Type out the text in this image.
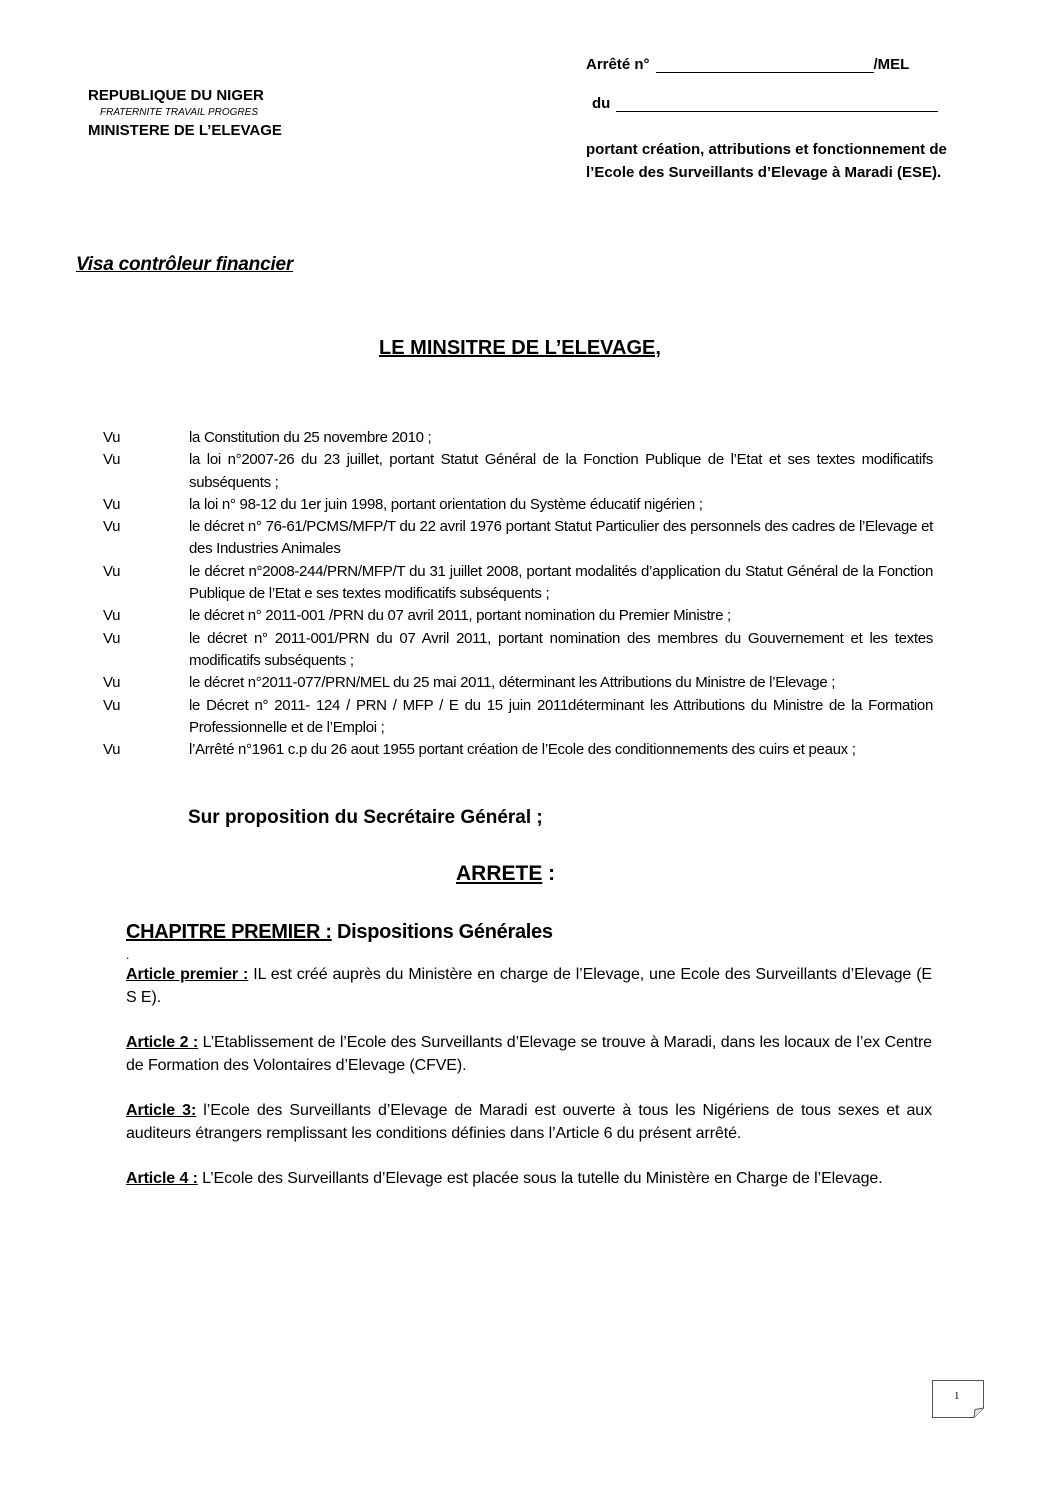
REPUBLIQUE DU NIGER

FRATERNITE TRAVAIL PROGRES

MINISTERE DE L’ELEVAGE

Arrêté n°	/MEL
du
portant création, attributions et fonctionnement de
l’Ecole des Surveillants d’Elevage à Maradi (ESE).
Visa contrôleur financier
LE MINSITRE DE L’ELEVAGE,
Vu	la Constitution du 25 novembre 2010 ;
Vu	la loi n°2007-26 du 23 juillet, portant Statut Général de la Fonction Publique de l’Etat et ses textes modificatifs subséquents ;
Vu	la loi n° 98-12 du 1er juin 1998, portant orientation du Système éducatif nigérien ;
Vu	le décret n° 76-61/PCMS/MFP/T du 22 avril 1976 portant Statut Particulier des personnels des cadres de l’Elevage et des Industries Animales
Vu	le décret n°2008-244/PRN/MFP/T du 31 juillet 2008, portant modalités d’application du Statut Général de la Fonction Publique de l’Etat e ses textes modificatifs subséquents ;
Vu	le décret n° 2011-001 /PRN du 07 avril 2011, portant nomination du Premier Ministre ;
Vu	le décret n° 2011-001/PRN du 07 Avril 2011, portant nomination des membres du Gouvernement et les textes modificatifs subséquents ;
Vu	le décret n°2011-077/PRN/MEL du 25 mai 2011, déterminant les Attributions du Ministre de l’Elevage ;
Vu	le Décret n° 2011- 124 / PRN / MFP / E du 15 juin 2011déterminant les Attributions du Ministre de la Formation Professionnelle et de l’Emploi ;
Vu	l’Arrêté n°1961 c.p du 26 aout 1955 portant création de l’Ecole des conditionnements des cuirs et peaux ;
Sur proposition du Secrétaire Général ;
ARRETE :
CHAPITRE PREMIER : Dispositions Générales
.

Article premier : IL est créé auprès du Ministère en charge de l’Elevage, une Ecole des Surveillants d’Elevage (E S E).

Article 2 : L’Etablissement de l’Ecole des Surveillants d’Elevage se trouve à Maradi, dans les locaux de l’ex Centre de Formation des Volontaires d’Elevage (CFVE).

Article 3: l’Ecole des Surveillants d’Elevage de Maradi est ouverte à tous les Nigériens de tous sexes et aux auditeurs étrangers remplissant les conditions définies dans l’Article 6 du présent arrêté.

Article 4 : L’Ecole des Surveillants d’Elevage est placée sous la tutelle du Ministère en Charge de l’Elevage.

1
